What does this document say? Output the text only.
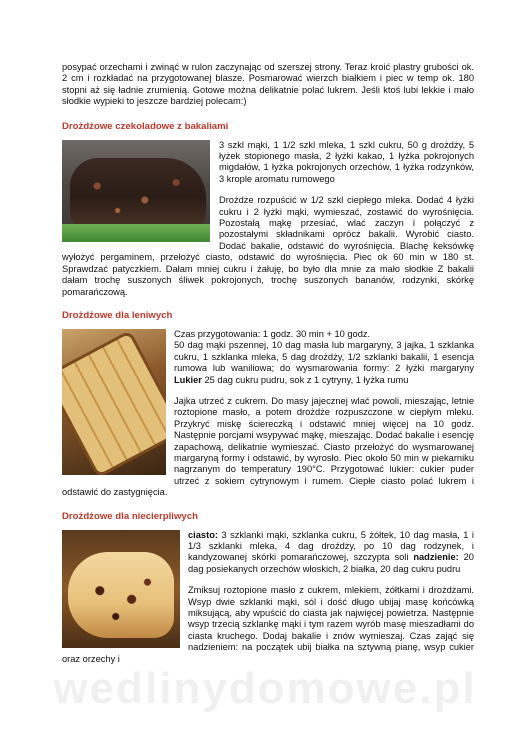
wedlinydomowe.pl

posypać orzechami i zwinąć w rulon zaczynając od szerszej strony. Teraz kroić plastry grubości ok. 2 cm i rozkładać na przygotowanej blasze. Posmarować wierzch białkiem i piec w temp ok. 180 stopni aż się ładnie zrumienią. Gotowe można delikatnie polać lukrem. Jeśli ktoś lubi lekkie i mało słodkie wypieki to jeszcze bardziej polecam:)

Drożdżowe czekoladowe z bakaliami

3 szkl mąki, 1 1/2 szkl mleka, 1 szkl cukru, 50 g drożdży, 5 łyżek stopionego masła, 2 łyżki kakao, 1 łyżka pokrojonych migdałów, 1 łyżka pokrojonych orzechów, 1 łyżka rodzynków, 3 krople aromatu rumowego

Drożdże rozpuścić w 1/2 szkl ciepłego mleka. Dodać 4 łyżki cukru i 2 łyżki mąki, wymieszać, zostawić do wyrośnięcia. Pozostałą mąkę przesiać, wlać zaczyn i połączyć z pozostałymi składnikami oprócz bakalii. Wyrobić ciasto. Dodać bakalie, odstawić do wyrośnięcia. Blachę keksówkę wyłożyć pergaminem, przełożyć ciasto, odstawić do wyrośnięcia. Piec ok 60 min w 180 st. Sprawdzać patyczkiem. Dałam mniej cukru i żałuję, bo było dla mnie za mało słodkie Z bakalii dałam trochę suszonych śliwek pokrojonych, trochę suszonych bananów, rodzynki, skórkę pomarańczową.

Drożdżowe dla leniwych

Czas przygotowania: 1 godz. 30 min + 10 godz.

50 dag mąki pszennej, 10 dag masła lub margaryny, 3 jajka, 1 szklanka cukru, 1 szklanka mleka, 5 dag drożdży, 1/2 szklanki bakalii, 1 esencja rumowa lub waniliowa; do wysmarowania formy: 2 łyżki margaryny Lukier 25 dag cukru pudru, sok z 1 cytryny, 1 łyżka rumu

Jajka utrzeć z cukrem. Do masy jajecznej wlać powoli, mieszając, letnie roztopione masło, a potem drożdże rozpuszczone w ciepłym mleku. Przykryć miskę ściereczką i odstawić mniej więcej na 10 godz. Następnie porcjami wsypywać mąkę, mieszając. Dodać bakalie i esencję zapachową, delikatnie wymieszać. Ciasto przełożyć do wysmarowanej margaryną formy i odstawić, by wyrosło. Piec około 50 min w piekarniku nagrzanym do temperatury 190°C. Przygotować lukier: cukier puder utrzeć z sokiem cytrynowym i rumem. Ciepłe ciasto polać lukrem i odstawić do zastygnięcia.

Drożdżowe dla niecierpliwych

ciasto: 3 szklanki mąki, szklanka cukru, 5 żółtek, 10 dag masła, 1 i 1/3 szklanki mleka, 4 dag drożdży, po 10 dag rodzynek, i kandyzowanej skórki pomarańczowej, szczypta soli nadzienie: 20 dag posiekanych orzechów włoskich, 2 białka, 20 dag cukru pudru

Zmiksuj roztopione masło z cukrem, mlekiem, żółtkami i drożdżami. Wsyp dwie szklanki mąki, sól i dość długo ubijaj masę końcówką miksującą, aby wpuścić do ciasta jak najwięcej powietrza. Następnie wsyp trzecią szklankę mąki i tym razem wyrób masę mieszadłami do ciasta kruchego. Dodaj bakalie i znów wymieszaj. Czas zająć się nadzieniem: na początek ubij białka na sztywną pianę, wsyp cukier oraz orzechy i
